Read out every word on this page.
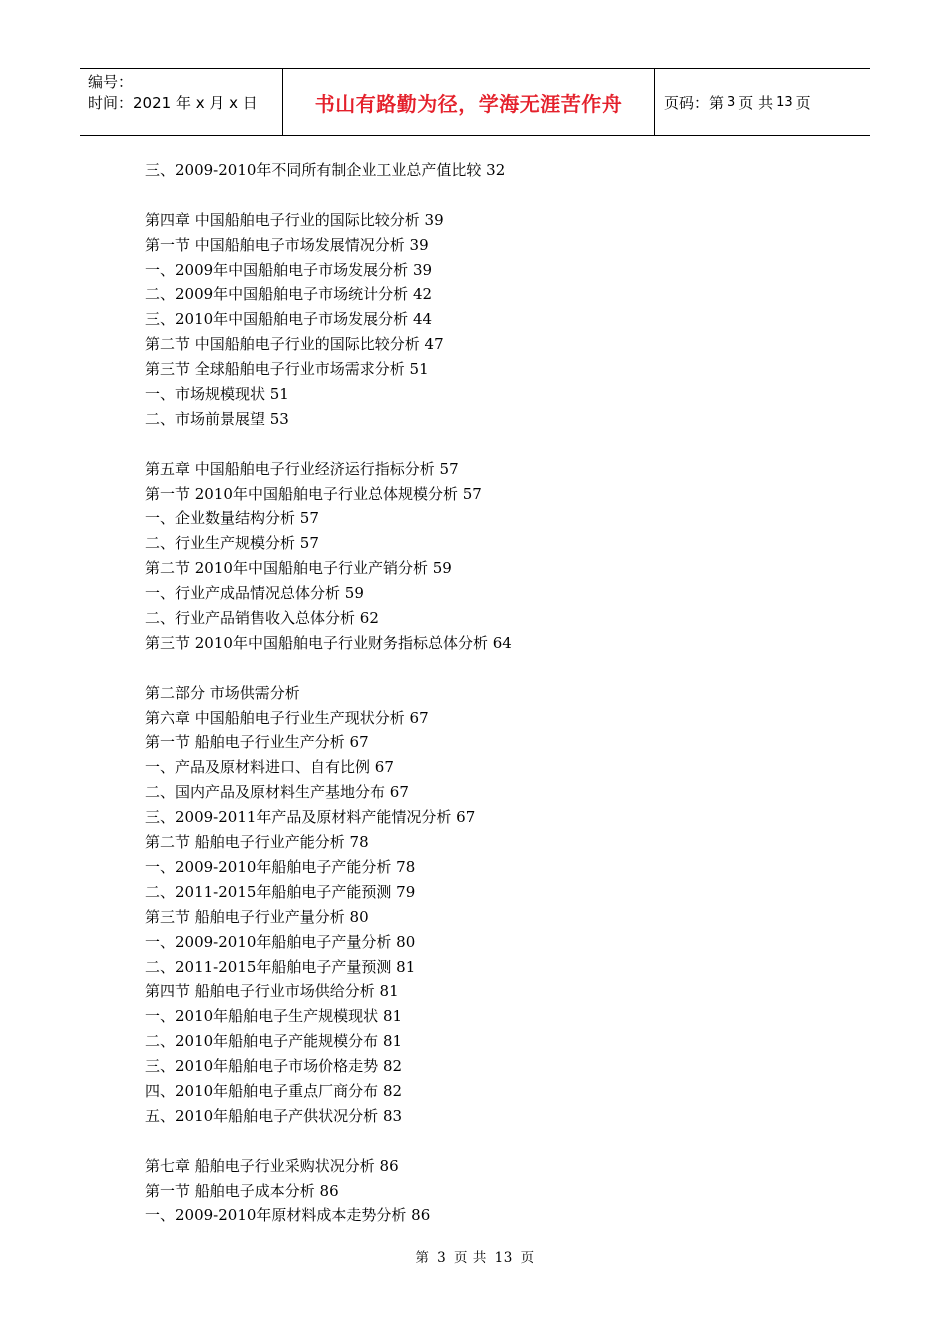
编号：
时间：2021 年 x 月 x 日	书山有路勤为径，学海无涯苦作舟	页码：第 3 页 共 13 页
三、2009-2010年不同所有制企业工业总产值比较 32
第四章 中国船舶电子行业的国际比较分析 39
第一节 中国船舶电子市场发展情况分析 39
一、2009年中国船舶电子市场发展分析 39
二、2009年中国船舶电子市场统计分析 42
三、2010年中国船舶电子市场发展分析 44
第二节 中国船舶电子行业的国际比较分析 47
第三节 全球船舶电子行业市场需求分析 51
一、市场规模现状 51
二、市场前景展望 53
第五章 中国船舶电子行业经济运行指标分析 57
第一节 2010年中国船舶电子行业总体规模分析 57
一、企业数量结构分析 57
二、行业生产规模分析 57
第二节 2010年中国船舶电子行业产销分析 59
一、行业产成品情况总体分析 59
二、行业产品销售收入总体分析 62
第三节 2010年中国船舶电子行业财务指标总体分析 64
第二部分 市场供需分析
第六章 中国船舶电子行业生产现状分析 67
第一节 船舶电子行业生产分析 67
一、产品及原材料进口、自有比例 67
二、国内产品及原材料生产基地分布 67
三、2009-2011年产品及原材料产能情况分析 67
第二节 船舶电子行业产能分析 78
一、2009-2010年船舶电子产能分析 78
二、2011-2015年船舶电子产能预测 79
第三节 船舶电子行业产量分析 80
一、2009-2010年船舶电子产量分析 80
二、2011-2015年船舶电子产量预测 81
第四节 船舶电子行业市场供给分析 81
一、2010年船舶电子生产规模现状 81
二、2010年船舶电子产能规模分布 81
三、2010年船舶电子市场价格走势 82
四、2010年船舶电子重点厂商分布 82
五、2010年船舶电子产供状况分析 83
第七章 船舶电子行业采购状况分析 86
第一节 船舶电子成本分析 86
一、2009-2010年原材料成本走势分析 86
第 3 页 共 13 页
